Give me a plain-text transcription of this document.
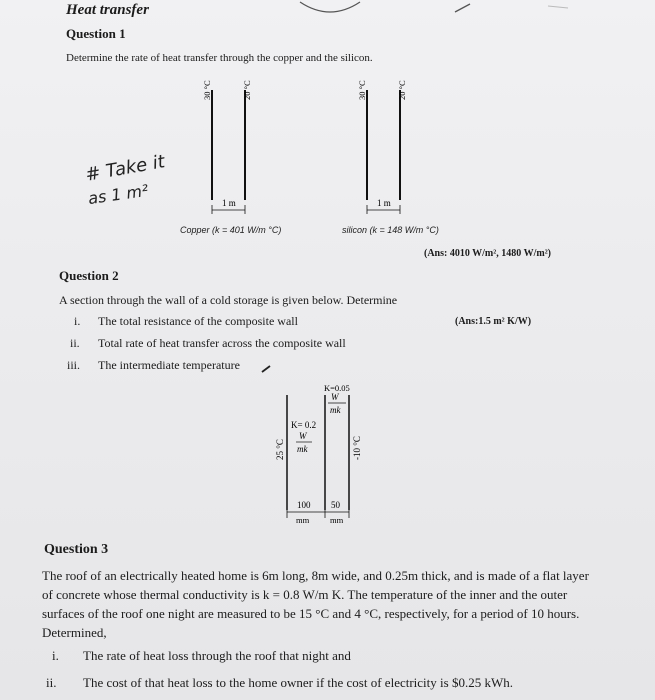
Heat transfer
Question 1
Determine the rate of heat transfer through the copper and the silicon.
30 °C	20 °C	30 °C	20 °C
1 m	1 m
Copper (k = 401 W/m °C)	silicon (k = 148 W/m °C)
# Take it
as 1 m²
(Ans: 4010 W/m², 1480 W/m²)
Question 2
A section through the wall of a cold storage is given below. Determine
i. The total resistance of the composite wall	(Ans:1.5 m² K/W)
ii. Total rate of heat transfer across the composite wall
iii. The intermediate temperature
K= 0.2
W
mk
K=0.05
W
mk
25 °C	-10 °C
100
mm
50
mm
Question 3
The roof of an electrically heated home is 6m long, 8m wide, and 0.25m thick, and is made of a flat layer of concrete whose thermal conductivity is k = 0.8 W/m K. The temperature of the inner and the outer surfaces of the roof one night are measured to be 15 °C and 4 °C, respectively, for a period of 10 hours. Determined,
i. The rate of heat loss through the roof that night and
ii. The cost of that heat loss to the home owner if the cost of electricity is $0.25 kWh.
